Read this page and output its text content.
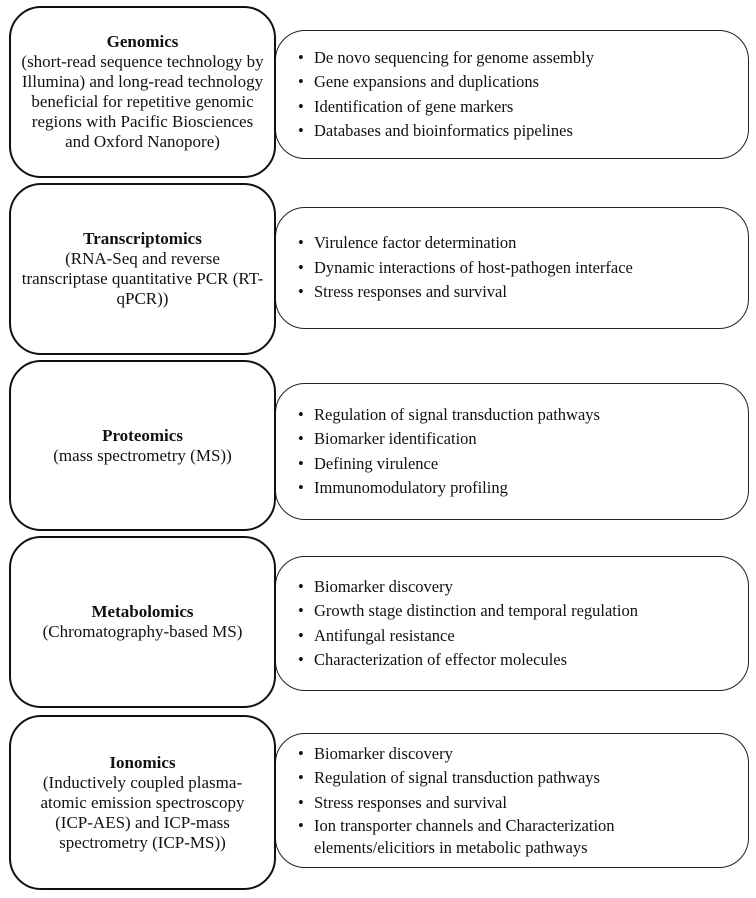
• De novo sequencing for genome assembly
• Gene expansions and duplications
• Identification of gene markers
• Databases and bioinformatics pipelines
Genomics
(short-read sequence technology by Illumina) and long-read technology beneficial for repetitive genomic regions with Pacific Biosciences and Oxford Nanopore)
• Virulence factor determination
• Dynamic interactions of host-pathogen interface
• Stress responses and survival
Transcriptomics
(RNA-Seq and reverse transcriptase quantitative PCR (RT-qPCR))
• Regulation of signal transduction pathways
• Biomarker identification
• Defining virulence
• Immunomodulatory profiling
Proteomics
(mass spectrometry (MS))
• Biomarker discovery
• Growth stage distinction and temporal regulation
• Antifungal resistance
• Characterization of effector molecules
Metabolomics
(Chromatography-based MS)
• Biomarker discovery
• Regulation of signal transduction pathways
• Stress responses and survival
• Ion transporter channels and Characterization elements/elicitiors in metabolic pathways
Ionomics
(Inductively coupled plasma-atomic emission spectroscopy (ICP-AES) and ICP-mass spectrometry (ICP-MS))
